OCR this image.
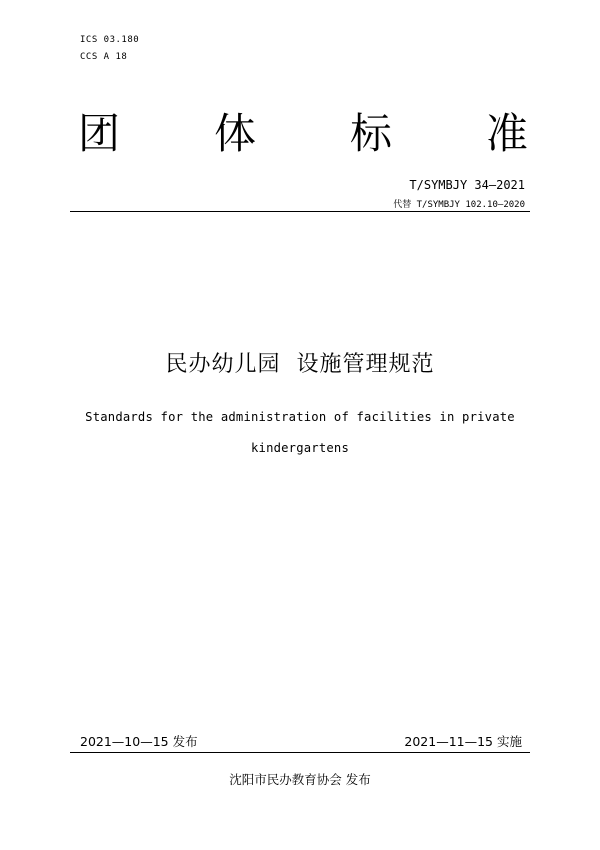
ICS 03.180
CCS A 18
团 体 标 准
T/SYMBJY 34—2021
代替 T/SYMBJY 102.10—2020
民办幼儿园  设施管理规范
Standards for the administration of facilities in private
kindergartens
2021—10—15 发布	2021—11—15 实施
沈阳市民办教育协会 发布
